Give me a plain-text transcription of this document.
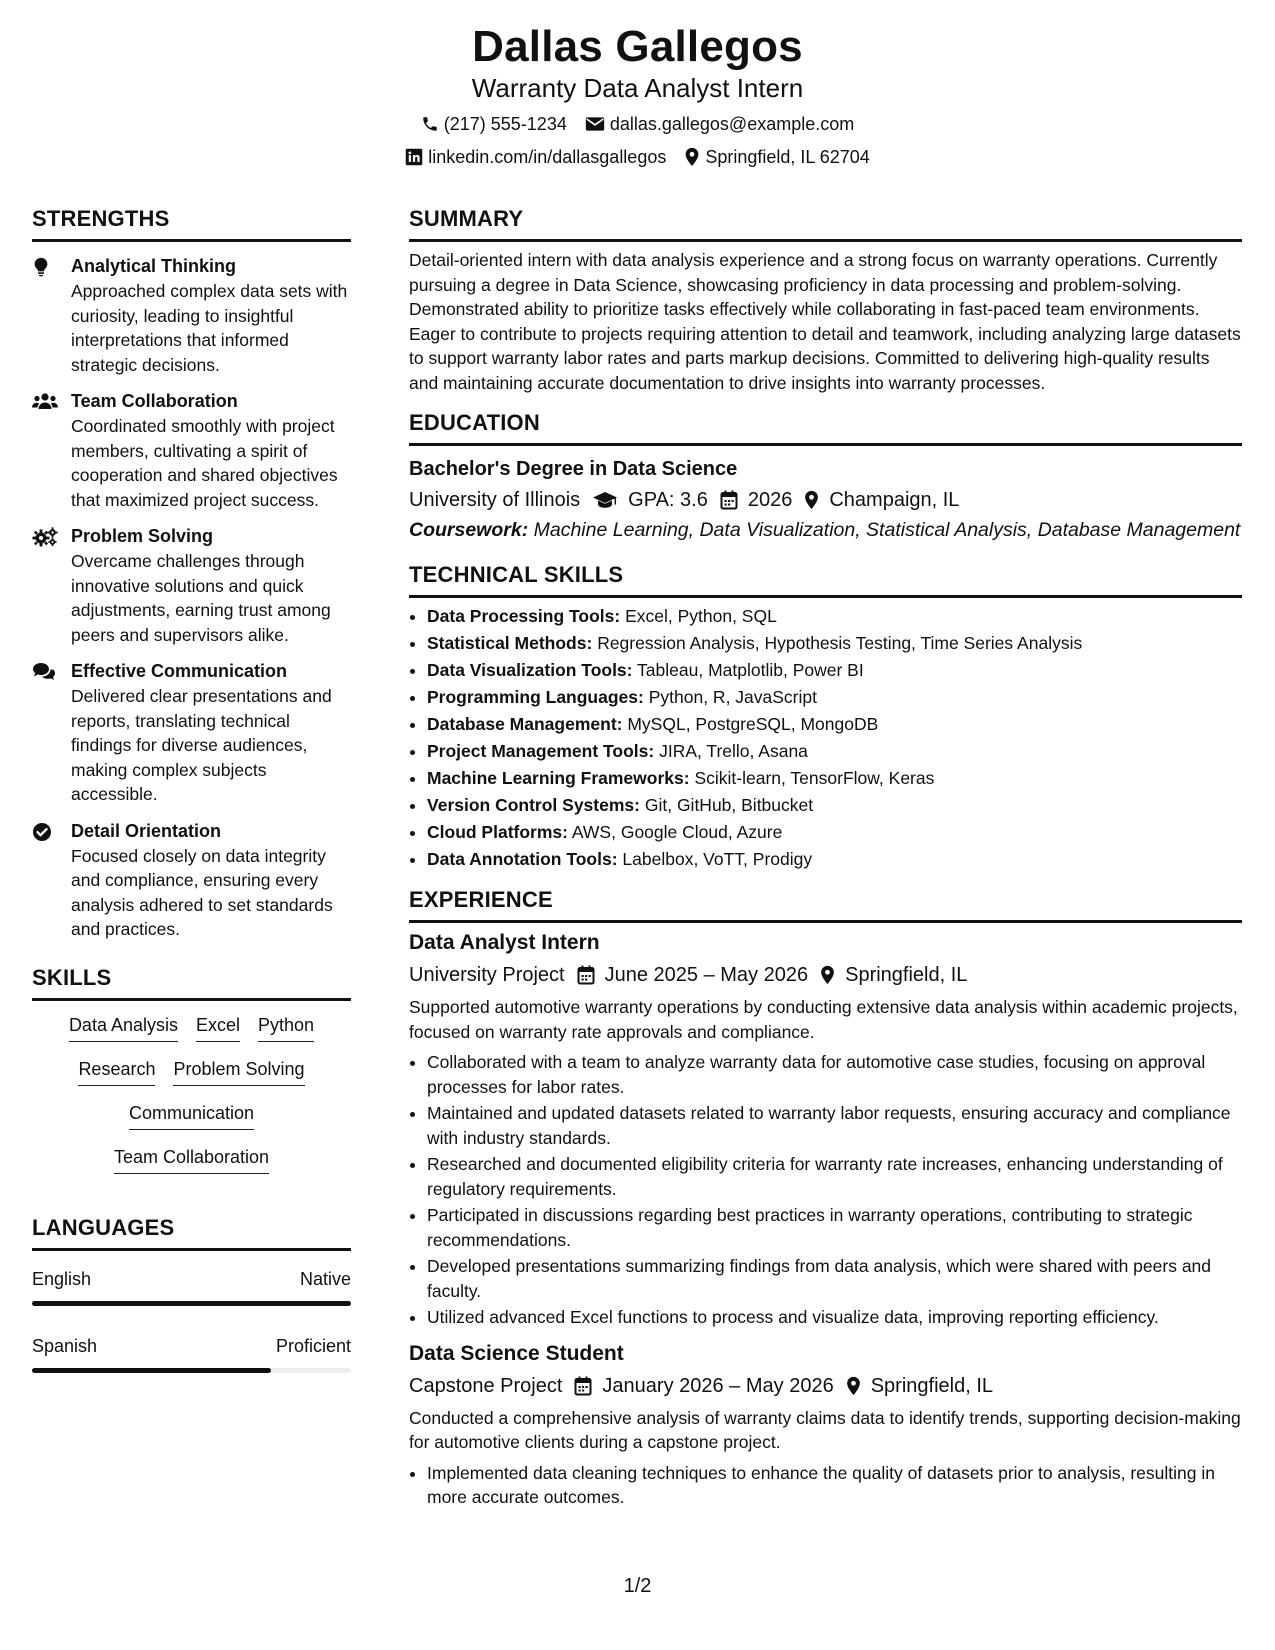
Dallas Gallegos
Warranty Data Analyst Intern
(217) 555-1234 dallas.gallegos@example.com
linkedin.com/in/dallasgallegos Springfield, IL 62704
STRENGTHS
Analytical Thinking
Approached complex data sets with curiosity, leading to insightful interpretations that informed strategic decisions.
Team Collaboration
Coordinated smoothly with project members, cultivating a spirit of cooperation and shared objectives that maximized project success.
Problem Solving
Overcame challenges through innovative solutions and quick adjustments, earning trust among peers and supervisors alike.
Effective Communication
Delivered clear presentations and reports, translating technical findings for diverse audiences, making complex subjects accessible.
Detail Orientation
Focused closely on data integrity and compliance, ensuring every analysis adhered to set standards and practices.
SKILLS
Data Analysis Excel Python
Research Problem Solving
Communication
Team Collaboration
LANGUAGES
English	Native
Spanish	Proficient
SUMMARY
Detail-oriented intern with data analysis experience and a strong focus on warranty operations. Currently pursuing a degree in Data Science, showcasing proficiency in data processing and problem-solving. Demonstrated ability to prioritize tasks effectively while collaborating in fast-paced team environments. Eager to contribute to projects requiring attention to detail and teamwork, including analyzing large datasets to support warranty labor rates and parts markup decisions. Committed to delivering high-quality results and maintaining accurate documentation to drive insights into warranty processes.
EDUCATION
Bachelor's Degree in Data Science
University of Illinois GPA: 3.6 2026 Champaign, IL
Coursework: Machine Learning, Data Visualization, Statistical Analysis, Database Management
TECHNICAL SKILLS
• Data Processing Tools: Excel, Python, SQL
• Statistical Methods: Regression Analysis, Hypothesis Testing, Time Series Analysis
• Data Visualization Tools: Tableau, Matplotlib, Power BI
• Programming Languages: Python, R, JavaScript
• Database Management: MySQL, PostgreSQL, MongoDB
• Project Management Tools: JIRA, Trello, Asana
• Machine Learning Frameworks: Scikit-learn, TensorFlow, Keras
• Version Control Systems: Git, GitHub, Bitbucket
• Cloud Platforms: AWS, Google Cloud, Azure
• Data Annotation Tools: Labelbox, VoTT, Prodigy
EXPERIENCE
Data Analyst Intern
University Project June 2025 – May 2026 Springfield, IL
Supported automotive warranty operations by conducting extensive data analysis within academic projects, focused on warranty rate approvals and compliance.
• Collaborated with a team to analyze warranty data for automotive case studies, focusing on approval processes for labor rates.
• Maintained and updated datasets related to warranty labor requests, ensuring accuracy and compliance with industry standards.
• Researched and documented eligibility criteria for warranty rate increases, enhancing understanding of regulatory requirements.
• Participated in discussions regarding best practices in warranty operations, contributing to strategic recommendations.
• Developed presentations summarizing findings from data analysis, which were shared with peers and faculty.
• Utilized advanced Excel functions to process and visualize data, improving reporting efficiency.
Data Science Student
Capstone Project January 2026 – May 2026 Springfield, IL
Conducted a comprehensive analysis of warranty claims data to identify trends, supporting decision-making for automotive clients during a capstone project.
• Implemented data cleaning techniques to enhance the quality of datasets prior to analysis, resulting in more accurate outcomes.
1/2
